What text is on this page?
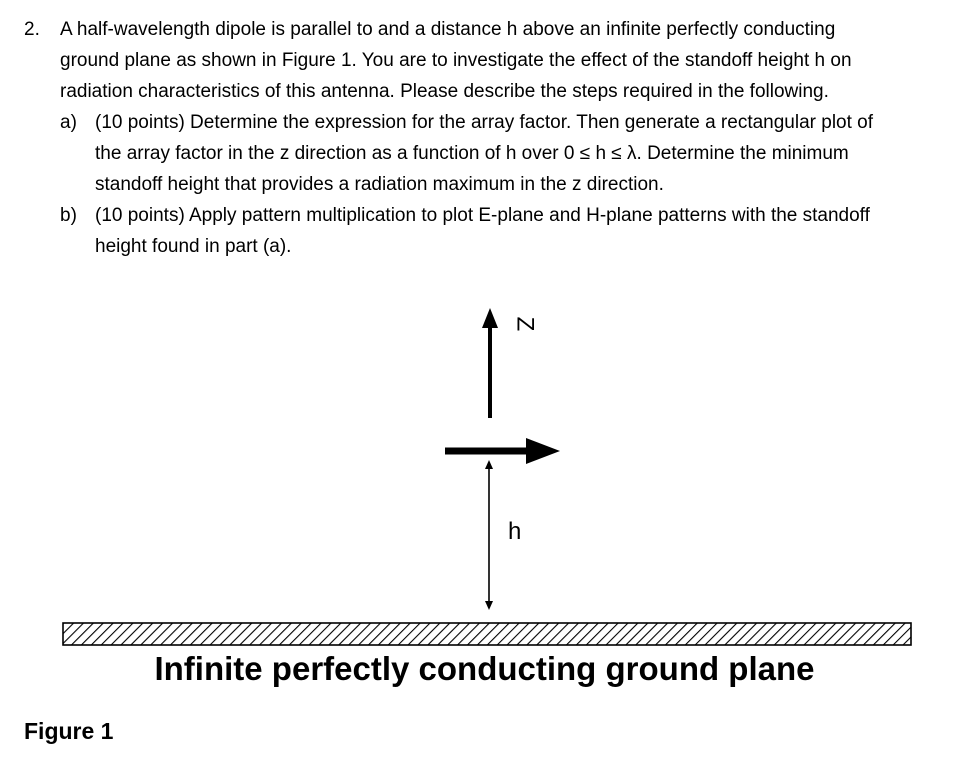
2. A half-wavelength dipole is parallel to and a distance h above an infinite perfectly conducting
ground plane as shown in Figure 1. You are to investigate the effect of the standoff height h on
radiation characteristics of this antenna. Please describe the steps required in the following.
a) (10 points) Determine the expression for the array factor. Then generate a rectangular plot of
the array factor in the z direction as a function of h over 0 ≤ h ≤ λ. Determine the minimum
standoff height that provides a radiation maximum in the z direction.
b) (10 points) Apply pattern multiplication to plot E-plane and H-plane patterns with the standoff
height found in part (a).
Z
h
Infinite perfectly conducting ground plane
Figure 1
